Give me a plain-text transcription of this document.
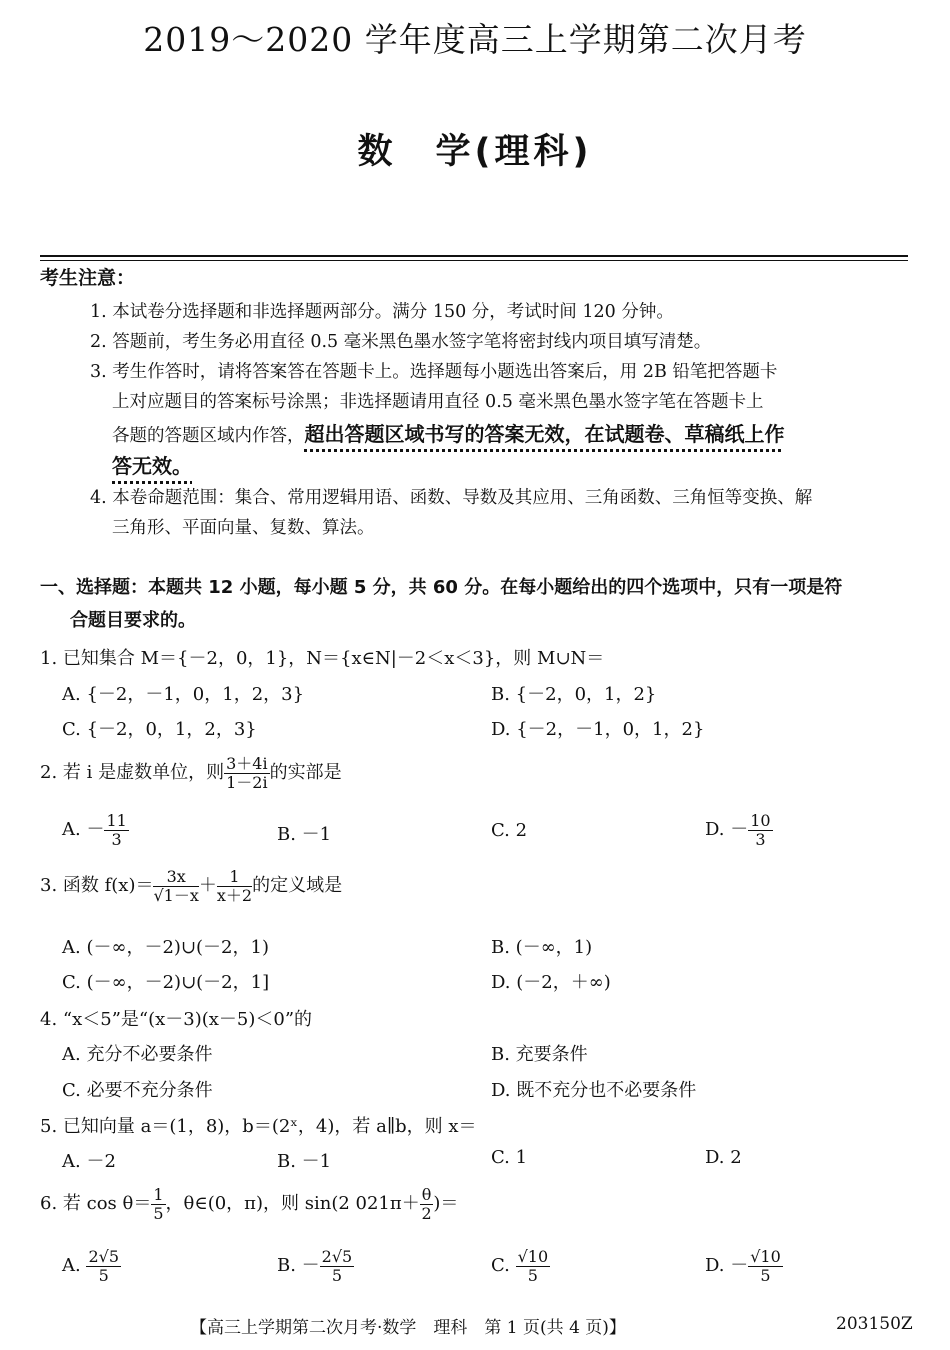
2019～2020 学年度高三上学期第二次月考
数　学(理科)
考生注意：
1. 本试卷分选择题和非选择题两部分。满分 150 分，考试时间 120 分钟。
2. 答题前，考生务必用直径 0.5 毫米黑色墨水签字笔将密封线内项目填写清楚。
3. 考生作答时，请将答案答在答题卡上。选择题每小题选出答案后，用 2B 铅笔把答题卡
上对应题目的答案标号涂黑；非选择题请用直径 0.5 毫米黑色墨水签字笔在答题卡上
各题的答题区域内作答，超出答题区域书写的答案无效，在试题卷、草稿纸上作
答无效。
4. 本卷命题范围：集合、常用逻辑用语、函数、导数及其应用、三角函数、三角恒等变换、解
三角形、平面向量、复数、算法。
一、选择题：本题共 12 小题，每小题 5 分，共 60 分。在每小题给出的四个选项中，只有一项是符
合题目要求的。
1. 已知集合 M＝{－2，0，1}，N＝{x∈N|－2＜x＜3}，则 M∪N＝
A. {－2，－1，0，1，2，3}	B. {－2，0，1，2}
C. {－2，0，1，2，3}	D. {－2，－1，0，1，2}
2. 若 i 是虚数单位，则 $\frac{3+4i}{1-2i}$ 的实部是
A. － $\frac{11}{3}$	B. －1	C. 2	D. － $\frac{10}{3}$
3. 函数 $f(x)= \frac{3x}{√1-x} + \frac{1}{x+2}$ 的定义域是
A. (－∞，－2)∪(－2，1)	B. (－∞，1)
C. (－∞，－2)∪(－2，1]	D. (－2，＋∞)
4. “x＜5”是“(x－3)(x－5)＜0”的
A. 充分不必要条件	B. 充要条件
C. 必要不充分条件	D. 既不充分也不必要条件
5. 已知向量 a＝(1，8)，b＝(2ˣ，4)，若 a∥b，则 x＝
A. －2	B. －1	C. 1	D. 2
6. 若 $\cos \theta= \frac{1}{5}$ ，θ∈(0，π)，则 sin(2 $021\pi+ \frac{\theta}{2}$ )＝
A. $\frac{2√5}{5}$	B. － $\frac{2√5}{5}$	C. $\frac{√10}{5}$	D. － $\frac{√10}{5}$
【高三上学期第二次月考·数学　理科　第 1 页(共 4 页)】	203150Z
